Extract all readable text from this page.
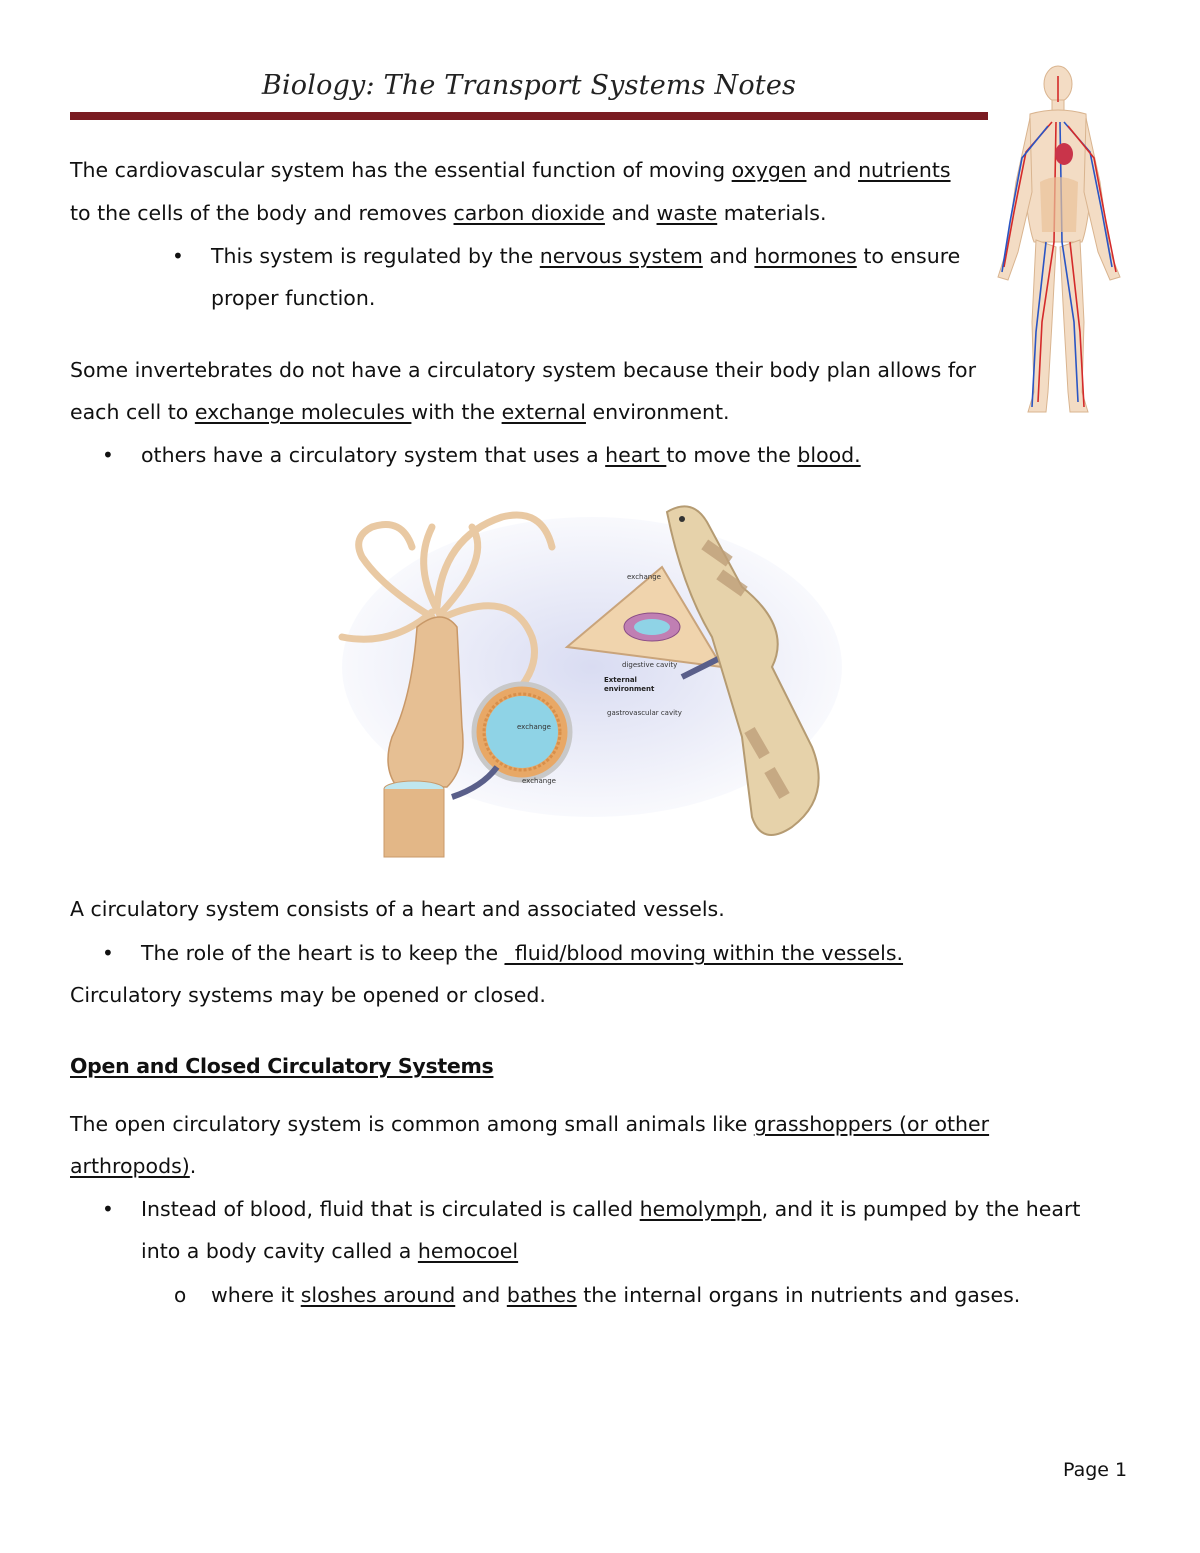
Biology: The Transport Systems Notes
The cardiovascular system has the essential function of moving oxygen and nutrients
to the cells of the body and removes carbon dioxide and waste materials.
• This system is regulated by the nervous system and hormones to ensure
proper function.
Some invertebrates do not have a circulatory system because their body plan allows for
each cell to exchange molecules with the external environment.
• others have a circulatory system that uses a heart to move the blood.
exchange
exchange
exchange
digestive cavity
External
environment
gastrovascular cavity
A circulatory system consists of a heart and associated vessels.
• The role of the heart is to keep the _fluid/blood moving within the vessels.
Circulatory systems may be opened or closed.
Open and Closed Circulatory Systems
The open circulatory system is common among small animals like grasshoppers (or other
arthropods).
• Instead of blood, fluid that is circulated is called hemolymph, and it is pumped by the heart
into a body cavity called a hemocoel
o where it sloshes around and bathes the internal organs in nutrients and gases.
Page 1
